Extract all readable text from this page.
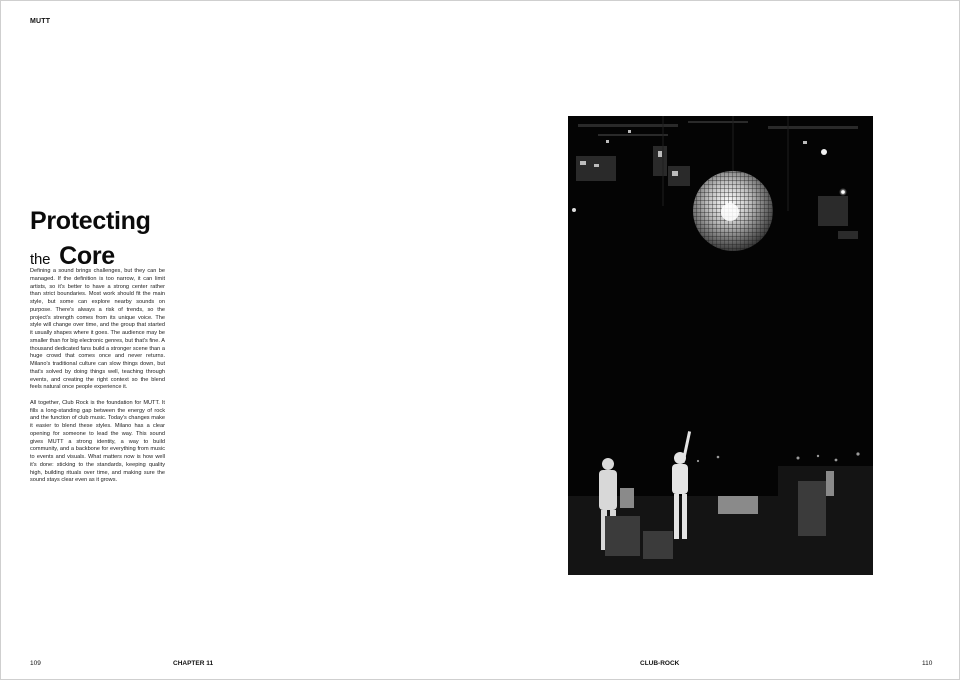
MUTT
Protecting
the Core

Defining a sound brings challenges, but they can be managed. If the definition is too narrow, it can limit artists, so it's better to have a strong center rather than strict boundaries. Most work should fit the main style, but some can explore nearby sounds on purpose. There's always a risk of trends, so the project's strength comes from its unique voice. The style will change over time, and the group that started it usually shapes where it goes. The audience may be smaller than for big electronic genres, but that's fine. A thousand dedicated fans build a stronger scene than a huge crowd that comes once and never returns. Milano's traditional culture can slow things down, but that's solved by doing things well, teaching through events, and creating the right context so the blend feels natural once people experience it.

All together, Club Rock is the foundation for MUTT. It fills a long-standing gap between the energy of rock and the function of club music. Today's changes make it easier to blend these styles. Milano has a clear opening for someone to lead the way. This sound gives MUTT a strong identity, a way to build community, and a backbone for everything from music to events and visuals. What matters now is how well it's done: sticking to the standards, keeping quality high, building rituals over time, and making sure the sound stays clear even as it grows.

109	CHAPTER 11	CLUB-ROCK	110
